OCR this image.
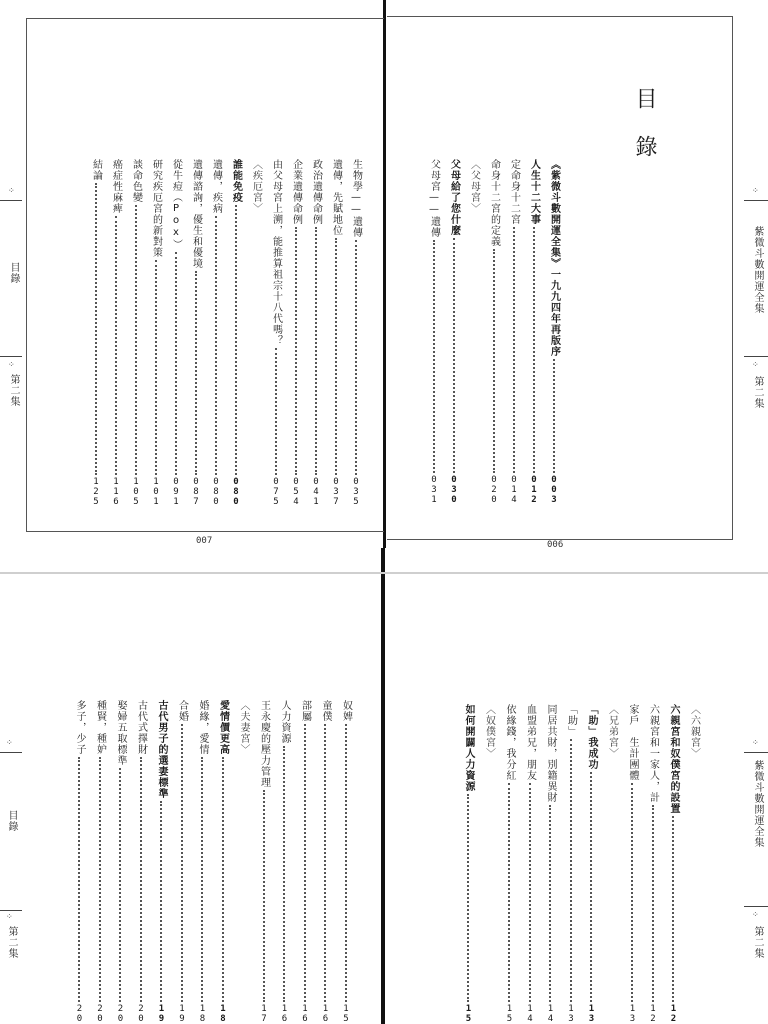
生物學——遺傳
035
遺傳，先賦地位
037
政治遺傳命例
041
企業遺傳命例
054
由父母宮上溯，能推算祖宗十八代嗎？
075
〈疾厄宮〉
誰能免疫
080
遺傳，疾病
080
遺傳諮詢，優生和優境
087
從牛痘（Pox）
091
研究疾厄宮的新對策
101
談命色變
105
癌症性麻痺
116
結論
125
007
目錄
《紫微斗數開運全集》一九九四年再版序
003
人生十二大事
012
定命身十二宮
014
命身十二宮的定義
020
〈父母宮〉
父母給了您什麼
030
父母宮——遺傳
031
006
奴婢
15
童僕
16
部屬
16
人力資源
16
王永慶的壓力管理
17
〈夫妻宮〉
愛情價更高
18
婚緣，愛情
18
合婚
19
古代男子的選妻標準
19
古代式擇財
20
娶婦五取標準
20
種賢，種妒
20
多子，少子
20
〈六親宮〉
六親宮和奴僕宮的設置
12
六親宮和一家人，計
12
家戶　生計團體
13
〈兄弟宮〉
「助」我成功
13
「助」
13
同居共財，別籍異財
14
血盟弟兄，朋友
14
依緣錢，我分紅
15
〈奴僕宮〉
如何開闢人力資源
15
⁘
目錄
⁘
第二集
⁘
紫微斗數開運全集
⁘
第二集
⁘
目錄
⁘
第二集
⁘
紫微斗數開運全集
⁘
第二集
